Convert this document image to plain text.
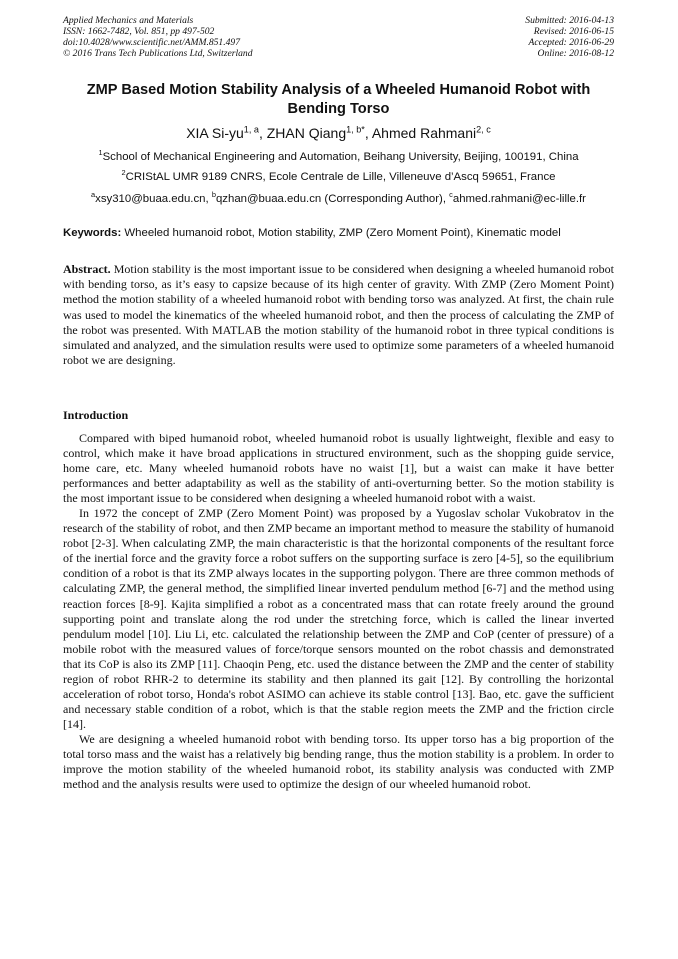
Applied Mechanics and Materials
ISSN: 1662-7482, Vol. 851, pp 497-502
doi:10.4028/www.scientific.net/AMM.851.497
© 2016 Trans Tech Publications Ltd, Switzerland
Submitted: 2016-04-13
Revised: 2016-06-15
Accepted: 2016-06-29
Online: 2016-08-12
ZMP Based Motion Stability Analysis of a Wheeled Humanoid Robot with Bending Torso
XIA Si-yu$^{1, a}$, ZHAN Qiang$^{1, b*}$, Ahmed Rahmani$^{2, c}$
$^1$School of Mechanical Engineering and Automation, Beihang University, Beijing, 100191, China
$^2$CRIStAL UMR 9189 CNRS, Ecole Centrale de Lille, Villeneuve d’Ascq 59651, France
$^a$xsy310@buaa.edu.cn, $^b$qzhan@buaa.edu.cn (Corresponding Author), $^c$ahmed.rahmani@ec-lille.fr
Keywords: Wheeled humanoid robot, Motion stability, ZMP (Zero Moment Point), Kinematic model

Abstract. Motion stability is the most important issue to be considered when designing a wheeled humanoid robot with bending torso, as it’s easy to capsize because of its high center of gravity. With ZMP (Zero Moment Point) method the motion stability of a wheeled humanoid robot with bending torso was analyzed. At first, the chain rule was used to model the kinematics of the wheeled humanoid robot, and then the process of calculating the ZMP of the robot was presented. With MATLAB the motion stability of the humanoid robot in three typical conditions is simulated and analyzed, and the simulation results were used to optimize some parameters of a wheeled humanoid robot we are designing.

Introduction

Compared with biped humanoid robot, wheeled humanoid robot is usually lightweight, flexible and easy to control, which make it have broad applications in structured environment, such as the shopping guide service, home care, etc. Many wheeled humanoid robots have no waist [1], but a waist can make it have better performances and better adaptability as well as the stability of anti-overturning better. So the motion stability is the most important issue to be considered when designing a wheeled humanoid robot with a waist.

In 1972 the concept of ZMP (Zero Moment Point) was proposed by a Yugoslav scholar Vukobratov in the research of the stability of robot, and then ZMP became an important method to measure the stability of humanoid robot [2-3]. When calculating ZMP, the main characteristic is that the horizontal components of the resultant force of the inertial force and the gravity force a robot suffers on the supporting surface is zero [4-5], so the equilibrium condition of a robot is that its ZMP always locates in the supporting polygon. There are three common methods of calculating ZMP, the general method, the simplified linear inverted pendulum method [6-7] and the method using reaction forces [8-9]. Kajita simplified a robot as a concentrated mass that can rotate freely around the ground supporting point and translate along the rod under the stretching force, which is called the linear inverted pendulum model [10]. Liu Li, etc. calculated the relationship between the ZMP and CoP (center of pressure) of a mobile robot with the measured values of force/torque sensors mounted on the robot chassis and demonstrated that its CoP is also its ZMP [11]. Chaoqin Peng, etc. used the distance between the ZMP and the center of stability region of robot RHR-2 to determine its stability and then planned its gait [12]. By controlling the horizontal acceleration of robot torso, Honda's robot ASIMO can achieve its stable control [13]. Bao, etc. gave the sufficient and necessary stable condition of a robot, which is that the stable region meets the ZMP and the friction circle [14].

We are designing a wheeled humanoid robot with bending torso. Its upper torso has a big proportion of the total torso mass and the waist has a relatively big bending range, thus the motion stability is a problem. In order to improve the motion stability of the wheeled humanoid robot, its stability analysis was conducted with ZMP method and the analysis results were used to optimize the design of our wheeled humanoid robot.
